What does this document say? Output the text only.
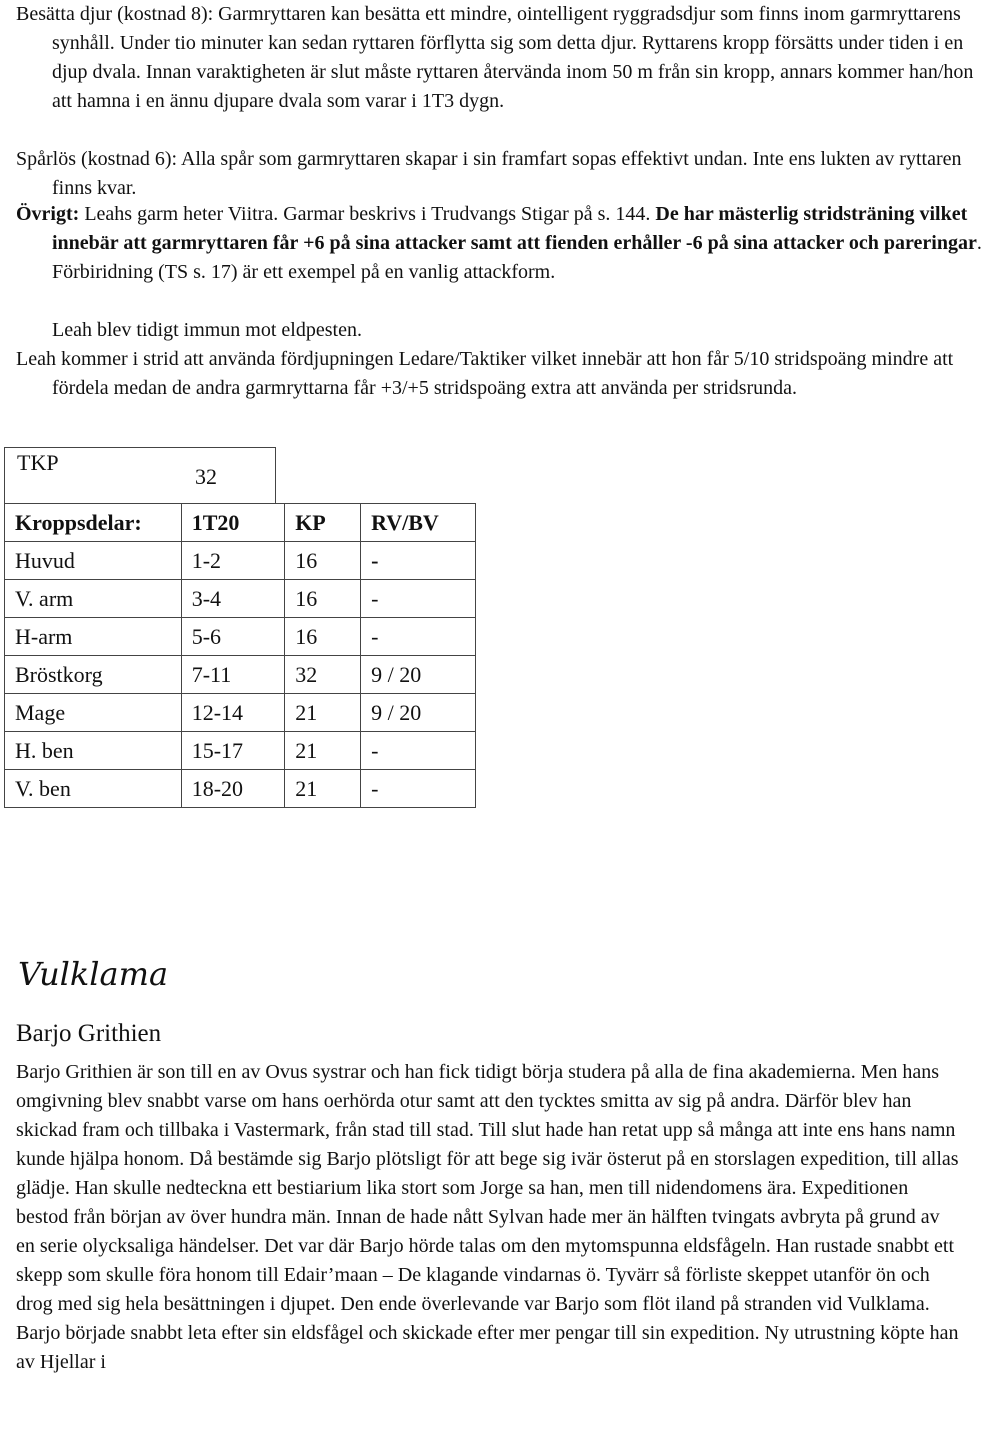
Besätta djur (kostnad 8): Garmryttaren kan besätta ett mindre, ointelligent ryggradsdjur som finns inom garmryttarens synhåll. Under tio minuter kan sedan ryttaren förflytta sig som detta djur. Ryttarens kropp försätts under tiden i en djup dvala. Innan varaktigheten är slut måste ryttaren återvända inom 50 m från sin kropp, annars kommer han/hon att hamna i en ännu djupare dvala som varar i 1T3 dygn.
Spårlös (kostnad 6): Alla spår som garmryttaren skapar i sin framfart sopas effektivt undan. Inte ens lukten av ryttaren finns kvar.
Övrigt: Leahs garm heter Viitra. Garmar beskrivs i Trudvangs Stigar på s. 144. De har mästerlig stridsträning vilket innebär att garmryttaren får +6 på sina attacker samt att fienden erhåller -6 på sina attacker och pareringar. Förbiridning (TS s. 17) är ett exempel på en vanlig attackform.
Leah blev tidigt immun mot eldpesten.
Leah kommer i strid att använda fördjupningen Ledare/Taktiker vilket innebär att hon får 5/10 stridspoäng mindre att fördela medan de andra garmryttarna får +3/+5 stridspoäng extra att använda per stridsrunda.
TKP
32
Kroppsdelar:	1T20	KP	RV/BV
Huvud	1-2	16	-
V. arm	3-4	16	-
H-arm	5-6	16	-
Bröstkorg	7-11	32	9 / 20
Mage	12-14	21	9 / 20
H. ben	15-17	21	-
V. ben	18-20	21	-
Vulklama
Barjo Grithien
Barjo Grithien är son till en av Ovus systrar och han fick tidigt börja studera på alla de fina akademierna. Men hans omgivning blev snabbt varse om hans oerhörda otur samt att den tycktes smitta av sig på andra. Därför blev han skickad fram och tillbaka i Vastermark, från stad till stad. Till slut hade han retat upp så många att inte ens hans namn kunde hjälpa honom. Då bestämde sig Barjo plötsligt för att bege sig ivär österut på en storslagen expedition, till allas glädje. Han skulle nedteckna ett bestiarium lika stort som Jorge sa han, men till nidendomens ära. Expeditionen bestod från början av över hundra män. Innan de hade nått Sylvan hade mer än hälften tvingats avbryta på grund av en serie olycksaliga händelser. Det var där Barjo hörde talas om den mytomspunna eldsfågeln. Han rustade snabbt ett skepp som skulle föra honom till Edair’maan – De klagande vindarnas ö. Tyvärr så förliste skeppet utanför ön och drog med sig hela besättningen i djupet. Den ende överlevande var Barjo som flöt iland på stranden vid Vulklama. Barjo började snabbt leta efter sin eldsfågel och skickade efter mer pengar till sin expedition. Ny utrustning köpte han av Hjellar i
